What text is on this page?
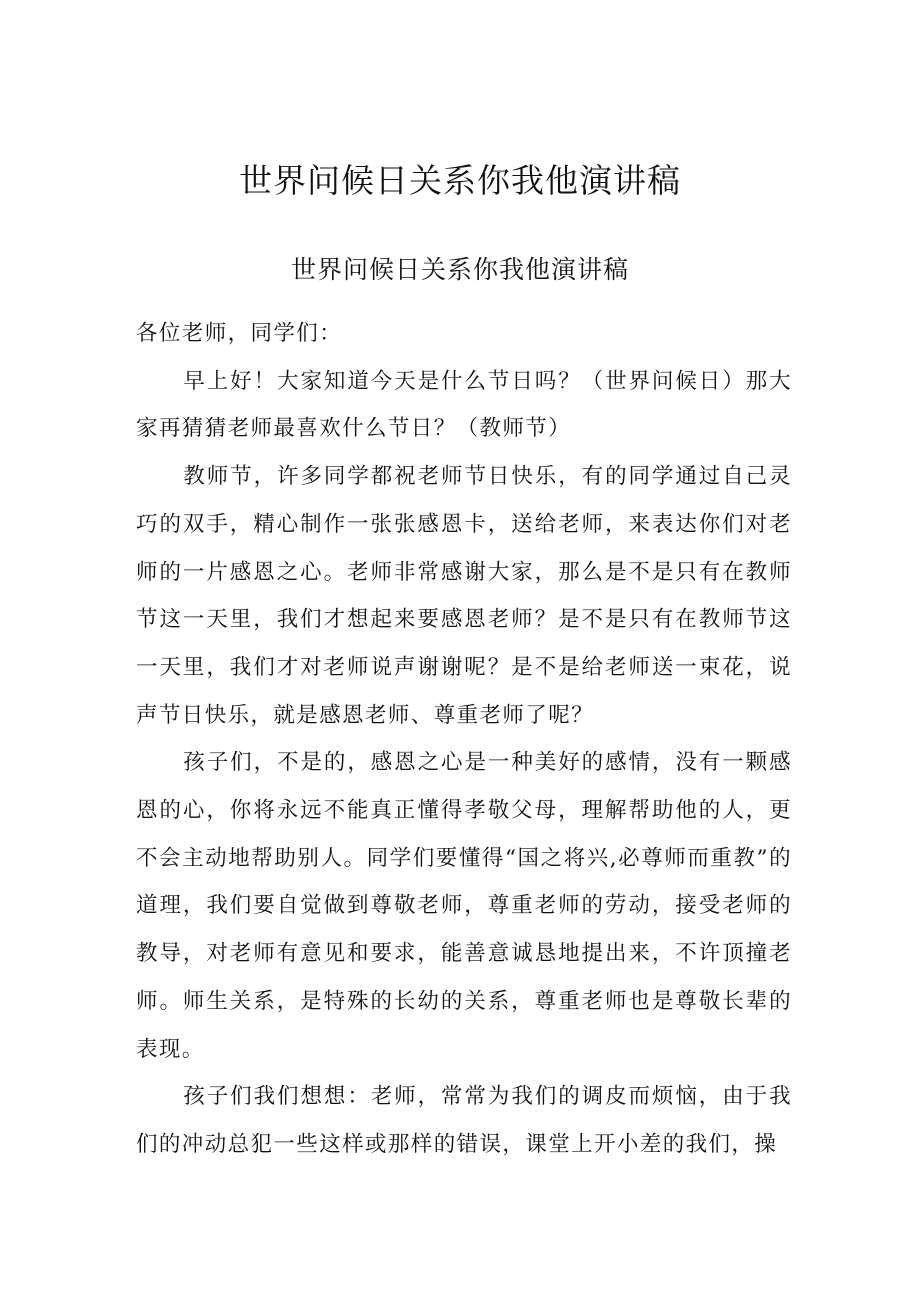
世界问候日关系你我他演讲稿
世界问候日关系你我他演讲稿

各位老师，同学们：

早上好！大家知道今天是什么节日吗？（世界问候日）那大家再猜猜老师最喜欢什么节日？（教师节）

教师节，许多同学都祝老师节日快乐，有的同学通过自己灵巧的双手，精心制作一张张感恩卡，送给老师，来表达你们对老师的一片感恩之心。老师非常感谢大家，那么是不是只有在教师节这一天里，我们才想起来要感恩老师？是不是只有在教师节这一天里，我们才对老师说声谢谢呢？是不是给老师送一束花，说声节日快乐，就是感恩老师、尊重老师了呢？

孩子们，不是的，感恩之心是一种美好的感情，没有一颗感恩的心，你将永远不能真正懂得孝敬父母，理解帮助他的人，更不会主动地帮助别人。同学们要懂得“国之将兴,必尊师而重教”的道理，我们要自觉做到尊敬老师，尊重老师的劳动，接受老师的教导，对老师有意见和要求，能善意诚恳地提出来，不许顶撞老师。师生关系，是特殊的长幼的关系，尊重老师也是尊敬长辈的表现。

孩子们我们想想：老师，常常为我们的调皮而烦恼，由于我们的冲动总犯一些这样或那样的错误，课堂上开小差的我们，操
